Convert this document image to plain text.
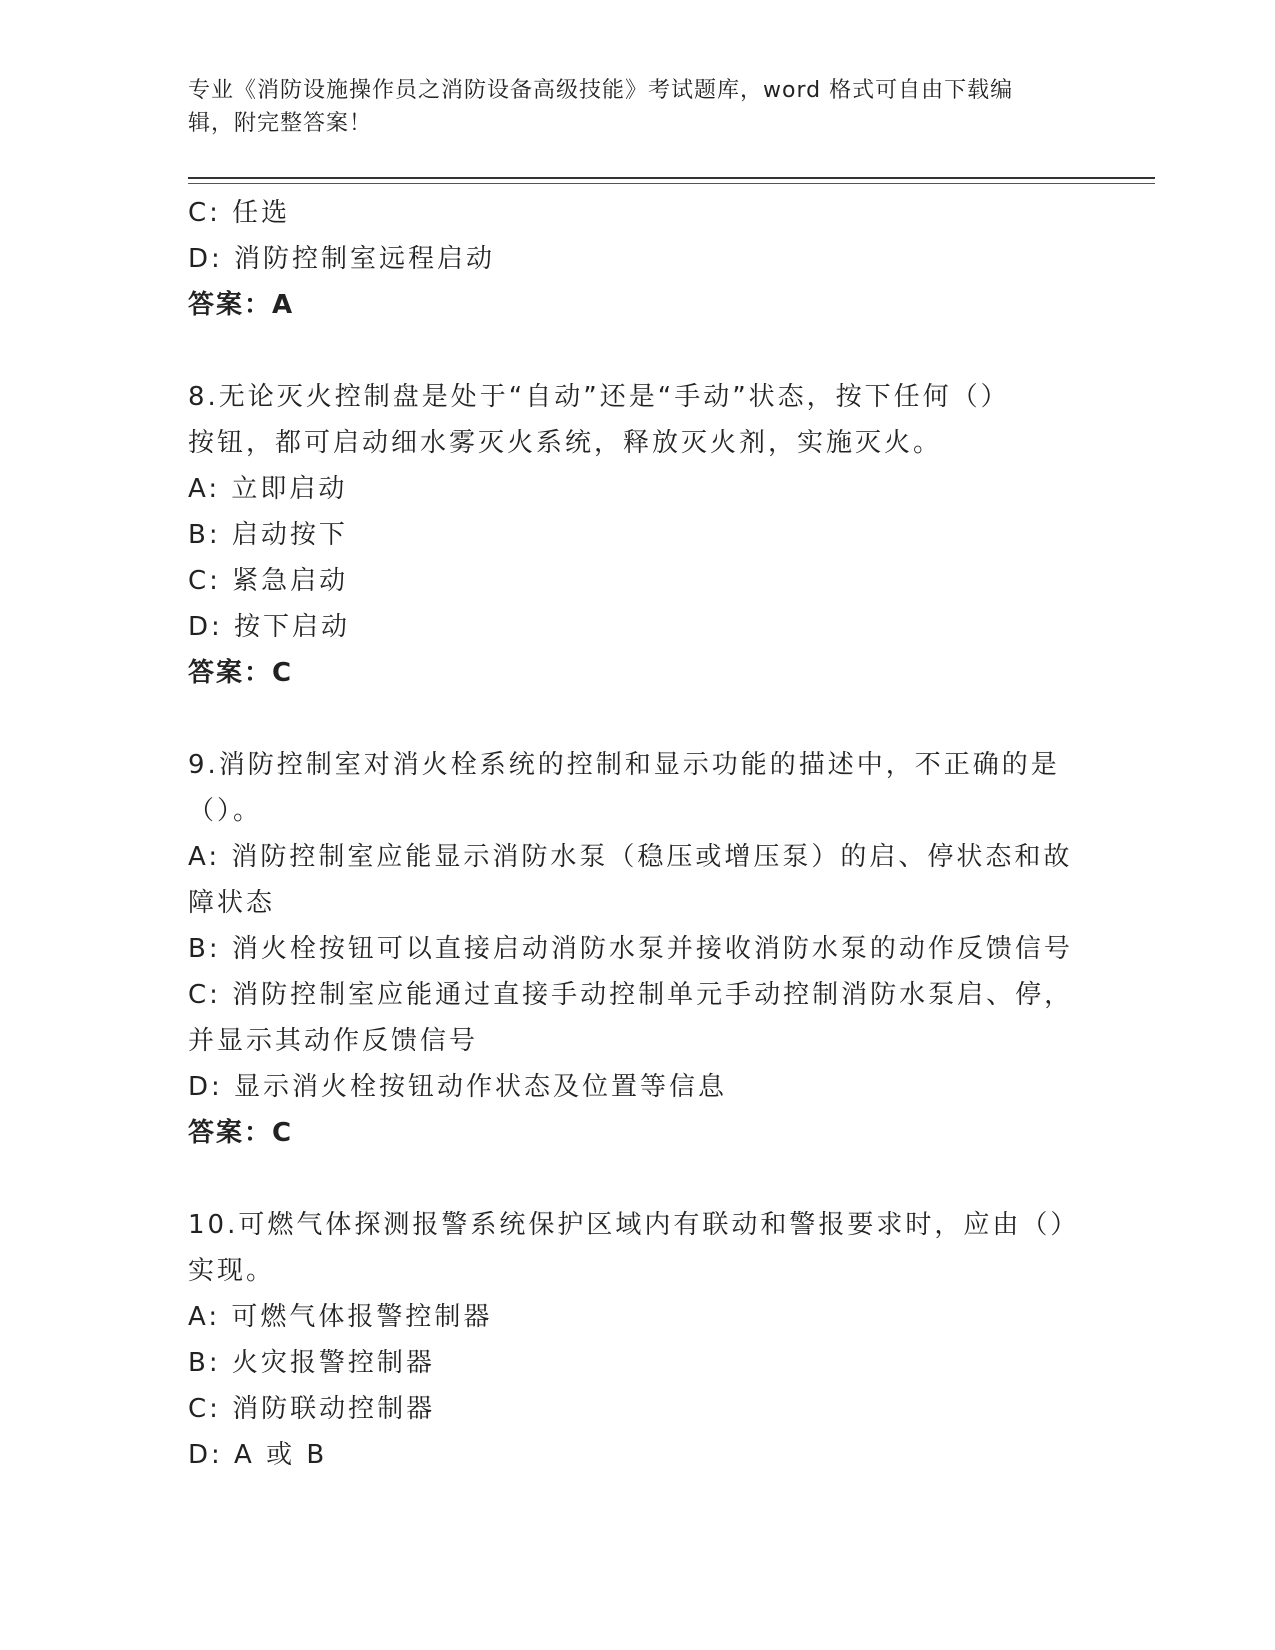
专业《消防设施操作员之消防设备高级技能》考试题库，word 格式可自由下载编
辑，附完整答案！
C: 任选
D: 消防控制室远程启动
答案：A
8.无论灭火控制盘是处于“自动”还是“手动”状态，按下任何（）
按钮，都可启动细水雾灭火系统，释放灭火剂，实施灭火。
A: 立即启动
B: 启动按下
C: 紧急启动
D: 按下启动
答案：C
9.消防控制室对消火栓系统的控制和显示功能的描述中，不正确的是
（）。
A: 消防控制室应能显示消防水泵（稳压或增压泵）的启、停状态和故
障状态
B: 消火栓按钮可以直接启动消防水泵并接收消防水泵的动作反馈信号
C: 消防控制室应能通过直接手动控制单元手动控制消防水泵启、停，
并显示其动作反馈信号
D: 显示消火栓按钮动作状态及位置等信息
答案：C
10.可燃气体探测报警系统保护区域内有联动和警报要求时，应由（）
实现。
A: 可燃气体报警控制器
B: 火灾报警控制器
C: 消防联动控制器
D: A 或 B
